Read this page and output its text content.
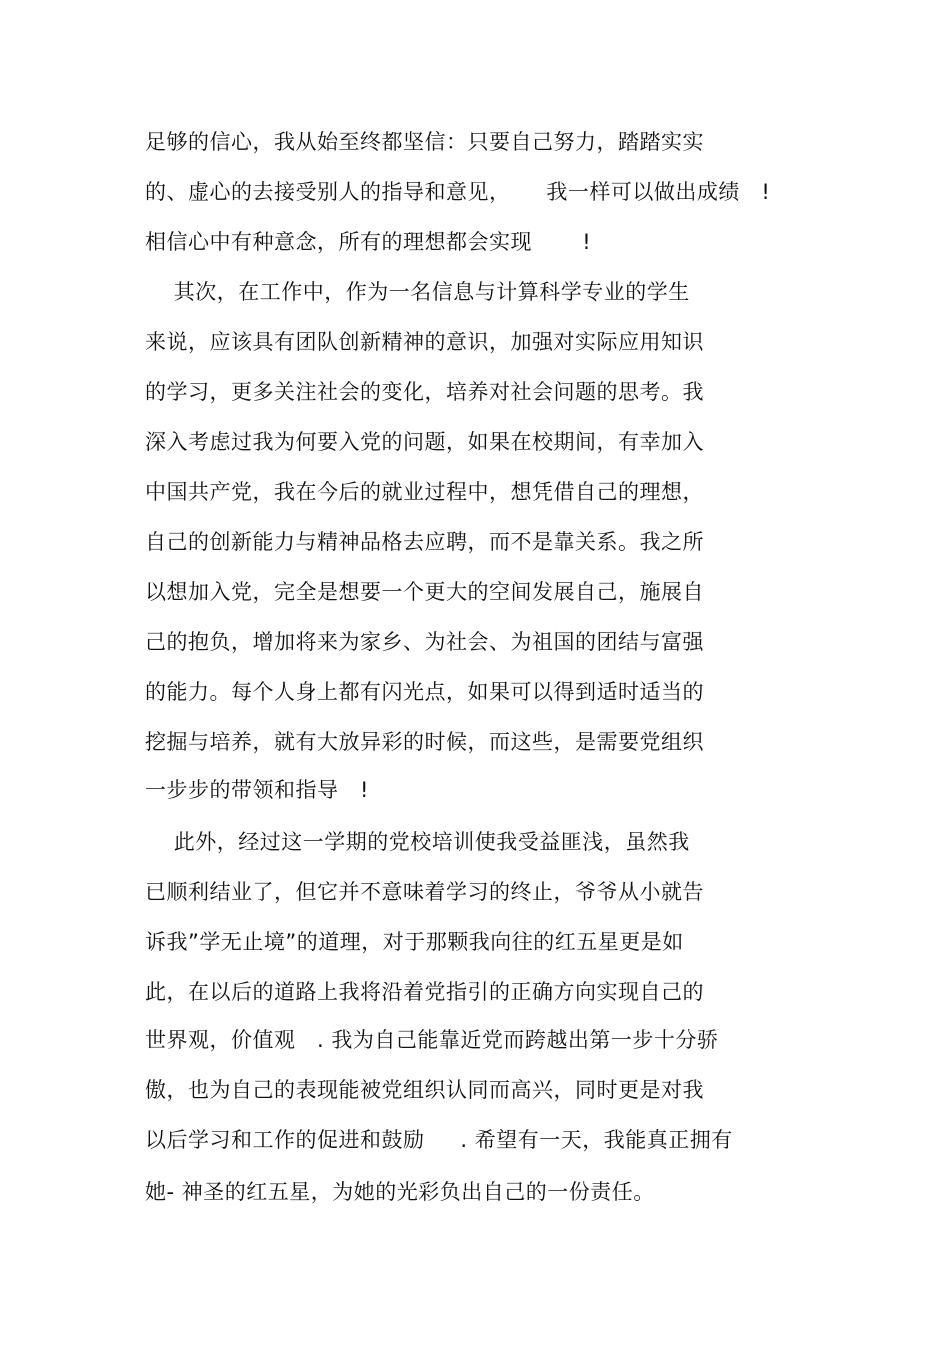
足够的信心，我从始至终都坚信：只要自己努力，踏踏实实
的、虚心的去接受别人的指导和意见，     我一样可以做出成绩   !
相信心中有种意念，所有的理想都会实现       !
其次，在工作中，作为一名信息与计算科学专业的学生
来说，应该具有团队创新精神的意识，加强对实际应用知识
的学习，更多关注社会的变化，培养对社会问题的思考。我
深入考虑过我为何要入党的问题，如果在校期间，有幸加入
中国共产党，我在今后的就业过程中，想凭借自己的理想，
自己的创新能力与精神品格去应聘，而不是靠关系。我之所
以想加入党，完全是想要一个更大的空间发展自己，施展自
己的抱负，增加将来为家乡、为社会、为祖国的团结与富强
的能力。每个人身上都有闪光点，如果可以得到适时适当的
挖掘与培养，就有大放异彩的时候，而这些，是需要党组织
一步步的带领和指导   !
此外，经过这一学期的党校培训使我受益匪浅，虽然我
已顺利结业了，但它并不意味着学习的终止，爷爷从小就告
诉我”学无止境”的道理，对于那颗我向往的红五星更是如
此，在以后的道路上我将沿着党指引的正确方向实现自己的
世界观，价值观   . 我为自己能靠近党而跨越出第一步十分骄
傲，也为自己的表现能被党组织认同而高兴，同时更是对我
以后学习和工作的促进和鼓励     . 希望有一天，我能真正拥有
她- 神圣的红五星，为她的光彩负出自己的一份责任。
